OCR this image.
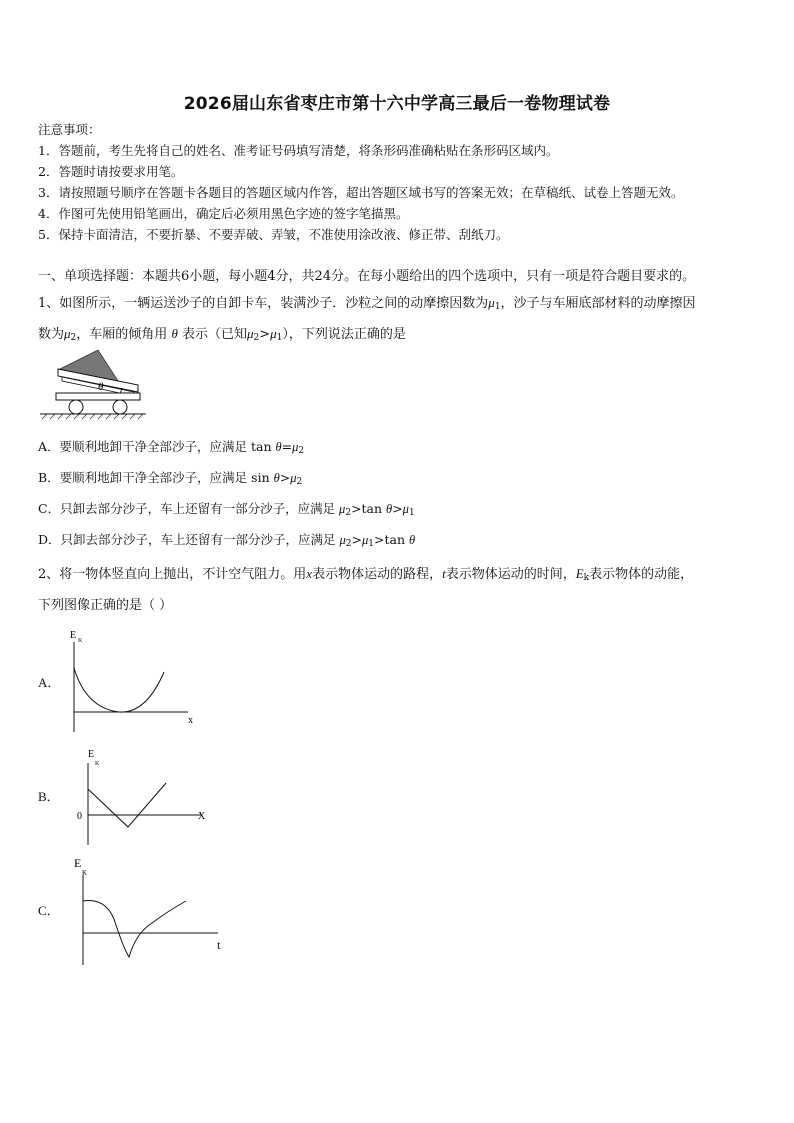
2026届山东省枣庄市第十六中学高三最后一卷物理试卷
注意事项：
1．答题前，考生先将自己的姓名、准考证号码填写清楚，将条形码准确粘贴在条形码区域内。
2．答题时请按要求用笔。
3．请按照题号顺序在答题卡各题目的答题区域内作答，超出答题区域书写的答案无效；在草稿纸、试卷上答题无效。
4．作图可先使用铅笔画出，确定后必须用黑色字迹的签字笔描黑。
5．保持卡面清洁，不要折暴、不要弄破、弄皱，不准使用涂改液、修正带、刮纸刀。
一、单项选择题：本题共6小题，每小题4分，共24分。在每小题给出的四个选项中，只有一项是符合题目要求的。
1、如图所示，一辆运送沙子的自卸卡车，装满沙子．沙粒之间的动摩擦因数为$\mu_1$，沙子与车厢底部材料的动摩擦因
数为$\mu_2$，车厢的倾角用 θ 表示（已知$\mu_2>\mu_1$），下列说法正确的是
θ
A．要顺利地卸干净全部沙子，应满足 $\tan \theta=\mu_2$
B．要顺利地卸干净全部沙子，应满足 $\sin \theta>\mu_2$
C．只卸去部分沙子，车上还留有一部分沙子，应满足 $\mu_2>\tan$ $\theta>\mu_1$
D．只卸去部分沙子，车上还留有一部分沙子，应满足 $\mu_2>\mu_1>\tan$ θ
2、将一物体竖直向上抛出，不计空气阻力。用x表示物体运动的路程，t表示物体运动的时间，$E_k$表示物体的动能，
下列图像正确的是（ ）
A．
E K
x
B．
E
K
X
0
C．
E
K
t
